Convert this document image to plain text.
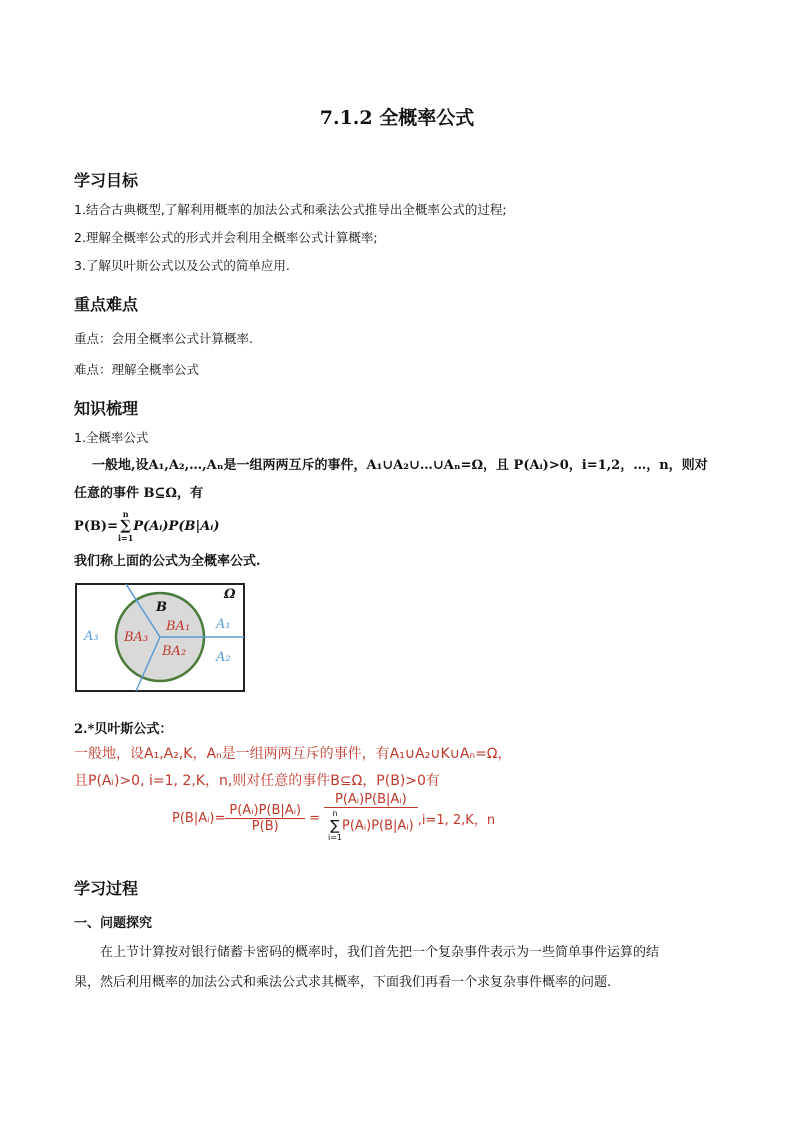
7.1.2 全概率公式
学习目标
1.结合古典概型,了解利用概率的加法公式和乘法公式推导出全概率公式的过程;
2.理解全概率公式的形式并会利用全概率公式计算概率;
3.了解贝叶斯公式以及公式的简单应用.
重点难点
重点：会用全概率公式计算概率.
难点：理解全概率公式
知识梳理
1.全概率公式
一般地,设A₁,A₂,…,Aₙ是一组两两互斥的事件，A₁∪A₂∪…∪Aₙ=Ω，且 P(Aᵢ)>0，i=1,2，…，n，则对
任意的事件 B⊆Ω，有
P(B)=
n
∑
i=1
P(Aᵢ)P(B|Aᵢ)
我们称上面的公式为全概率公式.
Ω
B
A₁
A₂
A₃
BA₁
BA₂
BA₃
2.*贝叶斯公式：
一般地，设A₁,A₂,K，Aₙ是一组两两互斥的事件，有A₁∪A₂∪K∪Aₙ=Ω，
且P(Aᵢ)>0, i=1, 2,K，n,则对任意的事件B⊆Ω，P(B)>0有
P(B|Aᵢ)= $\frac{\text{P(Aᵢ)P(B|Aᵢ)}}{P(B)}$ = P(Aᵢ)P(B|Aᵢ)
n
∑
i=1
P(Aᵢ)P(B|Aᵢ) ,i=1, 2,K，n
学习过程
一、问题探究
在上节计算按对银行储蓄卡密码的概率时，我们首先把一个复杂事件表示为一些简单事件运算的结
果，然后利用概率的加法公式和乘法公式求其概率，下面我们再看一个求复杂事件概率的问题.
